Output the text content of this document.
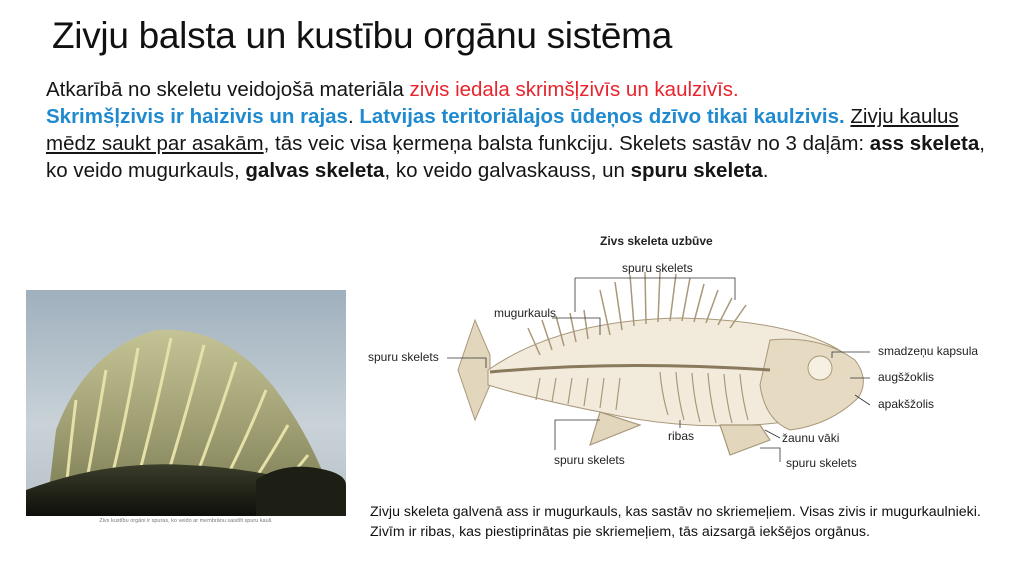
Zivju balsta un kustību orgānu sistēma
Atkarībā no skeletu veidojošā materiāla zivis iedala skrimšļzivīs un kaulzivīs.
Skrimšļzivis ir haizivis un rajas. Latvijas teritoriālajos ūdeņos dzīvo tikai kaulzivis. Zivju kaulus mēdz saukt par asakām, tās veic visa ķermeņa balsta funkciju. Skelets sastāv no 3 daļām: ass skeleta, ko veido mugurkauls, galvas skeleta, ko veido galvaskauss, un spuru skeleta.
Zivs kustību orgāni ir spuras, ko veido ar membrānu saistīti spuru kauli.
Zivs skeleta uzbūve
spuru skelets
mugurkauls
spuru skelets	smadzeņu kapsula
augšžoklis
apakšžolis
ribas	žaunu vāki
spuru skelets	spuru skelets
Zivju skeleta galvenā ass ir mugurkauls, kas sastāv no skriemeļiem. Visas zivis ir mugurkaulnieki. Zivīm ir ribas, kas piestiprinātas pie skriemeļiem, tās aizsargā iekšējos orgānus.
